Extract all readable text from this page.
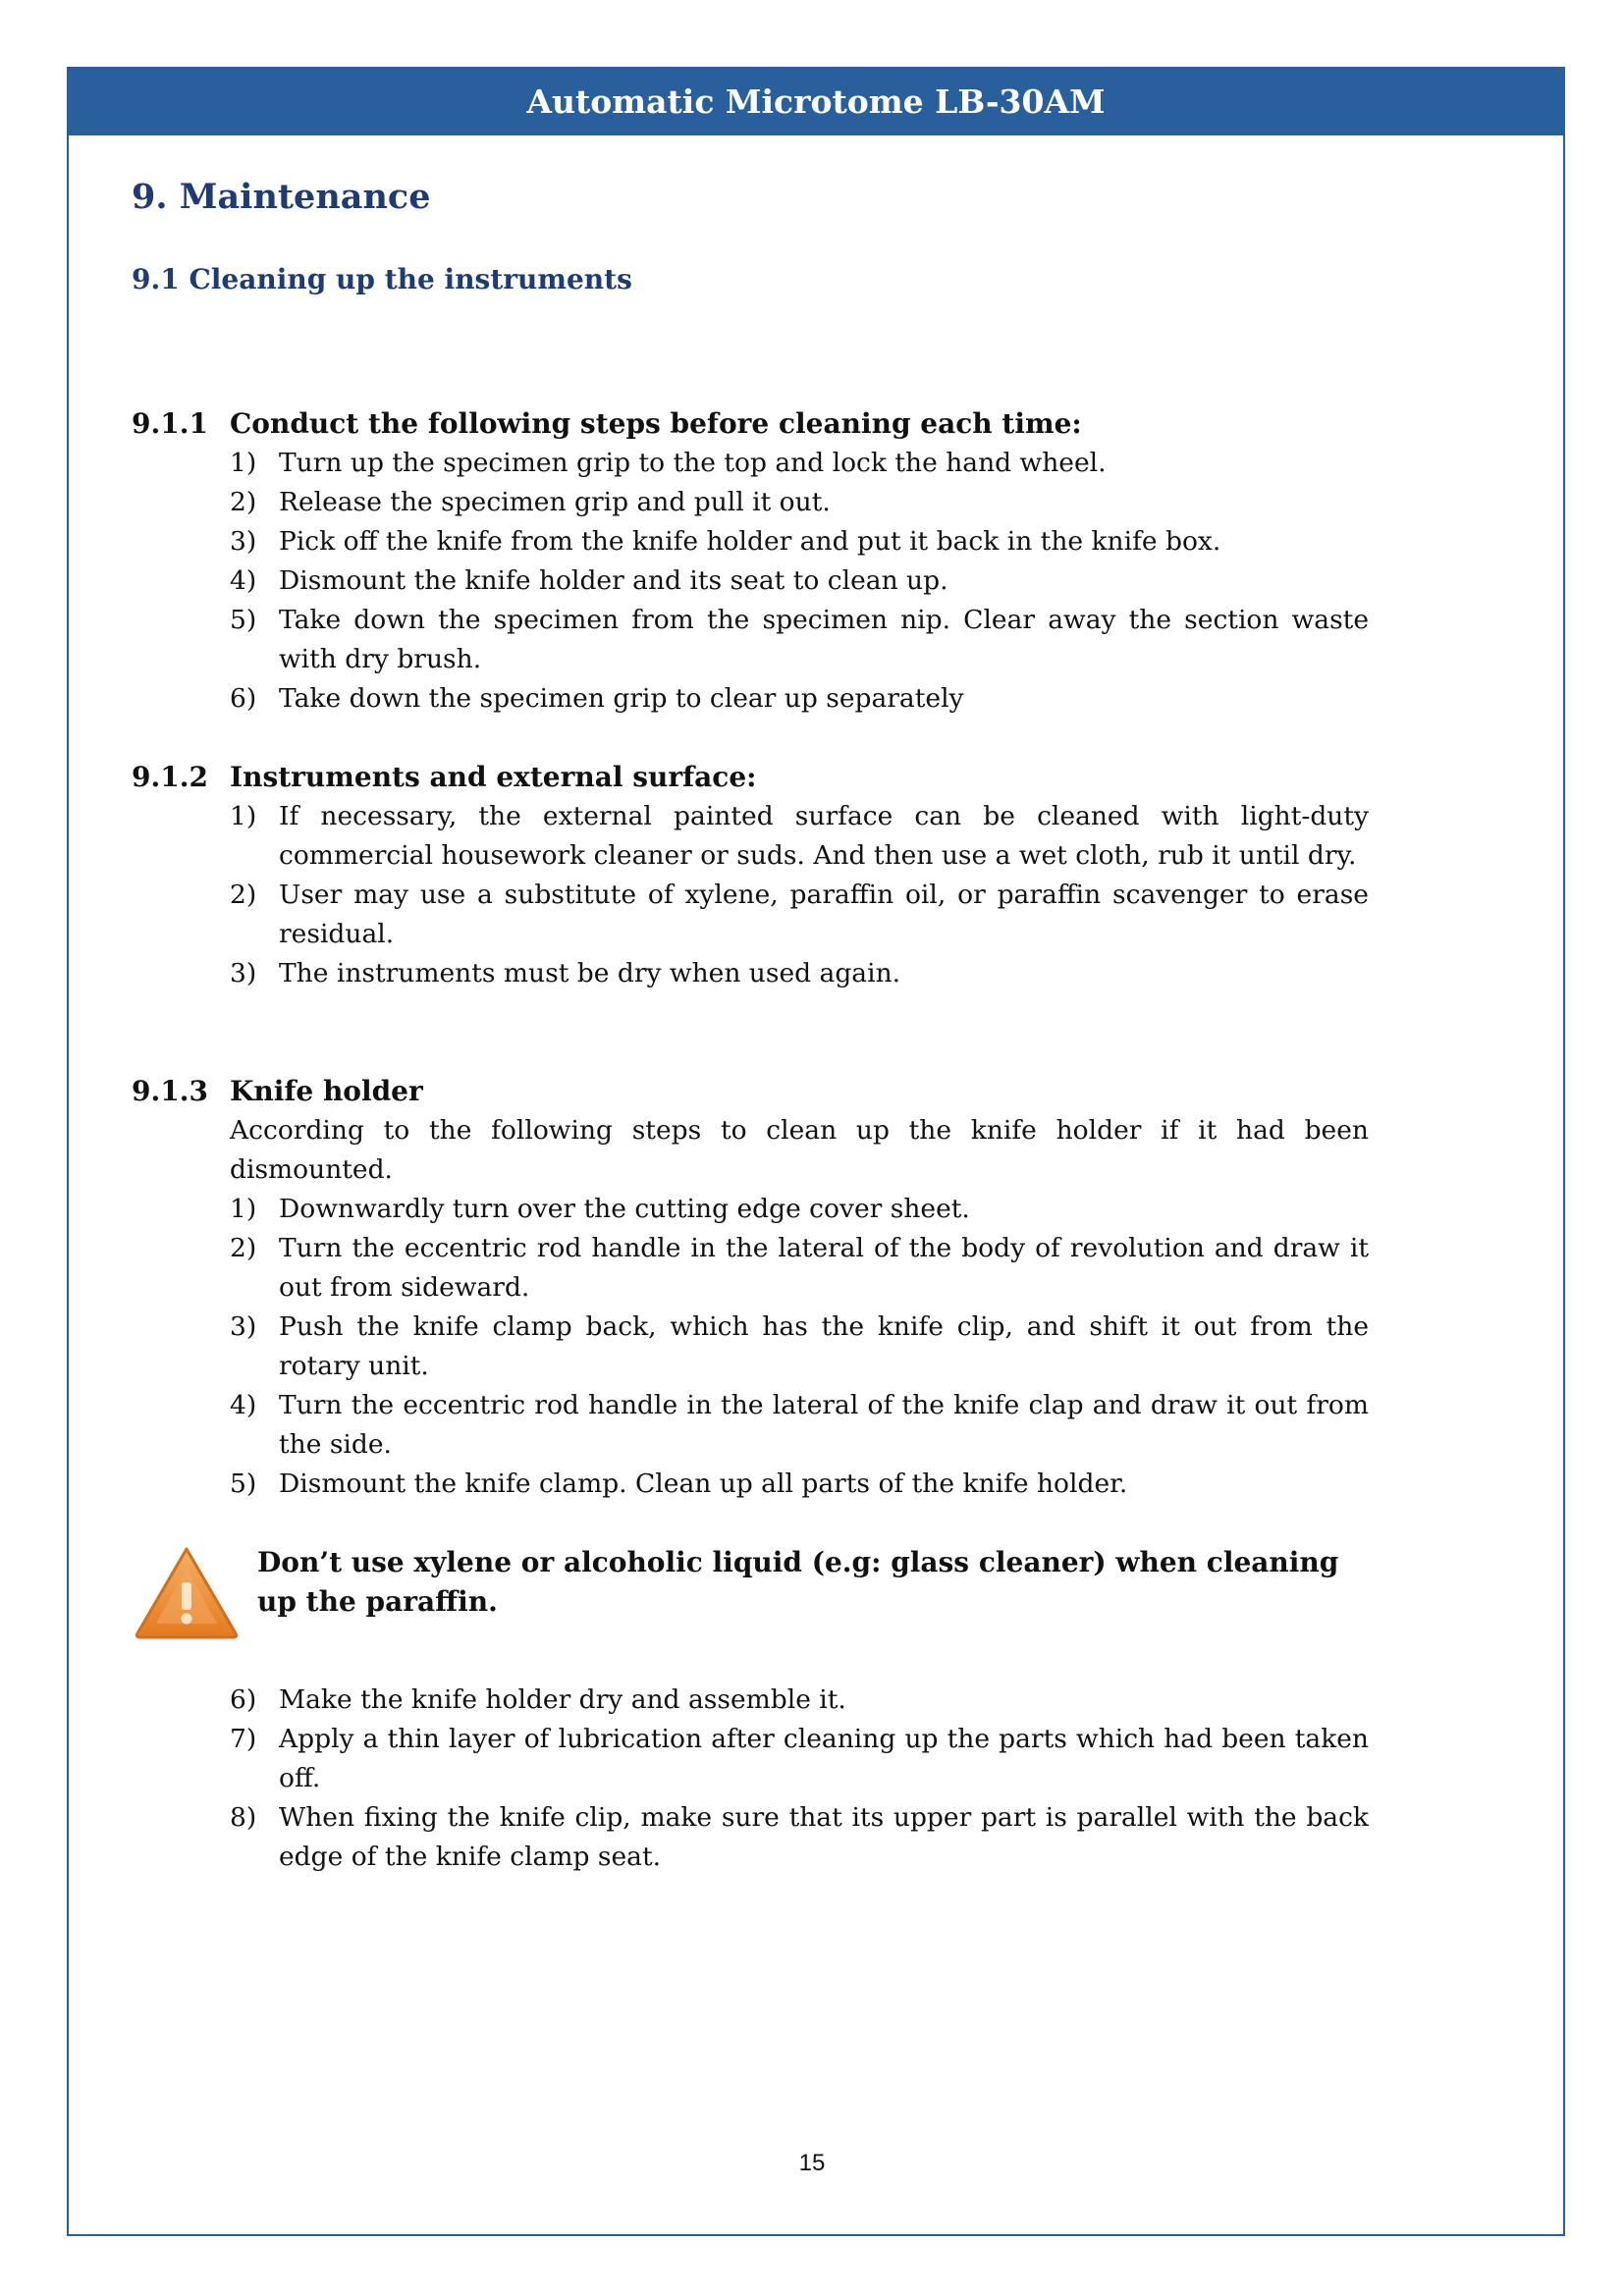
Automatic Microtome LB-30AM
9. Maintenance
9.1 Cleaning up the instruments
9.1.1 Conduct the following steps before cleaning each time:
1) Turn up the specimen grip to the top and lock the hand wheel.
2) Release the specimen grip and pull it out.
3) Pick off the knife from the knife holder and put it back in the knife box.
4) Dismount the knife holder and its seat to clean up.
5) Take down the specimen from the specimen nip. Clear away the section waste with dry brush.
6) Take down the specimen grip to clear up separately
9.1.2 Instruments and external surface:
1) If necessary, the external painted surface can be cleaned with light-duty commercial housework cleaner or suds. And then use a wet cloth, rub it until dry.
2) User may use a substitute of xylene, paraffin oil, or paraffin scavenger to erase residual.
3) The instruments must be dry when used again.
9.1.3 Knife holder
According to the following steps to clean up the knife holder if it had been dismounted.
1) Downwardly turn over the cutting edge cover sheet.
2) Turn the eccentric rod handle in the lateral of the body of revolution and draw it out from sideward.
3) Push the knife clamp back, which has the knife clip, and shift it out from the rotary unit.
4) Turn the eccentric rod handle in the lateral of the knife clap and draw it out from the side.
5) Dismount the knife clamp. Clean up all parts of the knife holder.
Don’t use xylene or alcoholic liquid (e.g: glass cleaner) when cleaning up the paraffin.
6) Make the knife holder dry and assemble it.
7) Apply a thin layer of lubrication after cleaning up the parts which had been taken off.
8) When fixing the knife clip, make sure that its upper part is parallel with the back edge of the knife clamp seat.
15
